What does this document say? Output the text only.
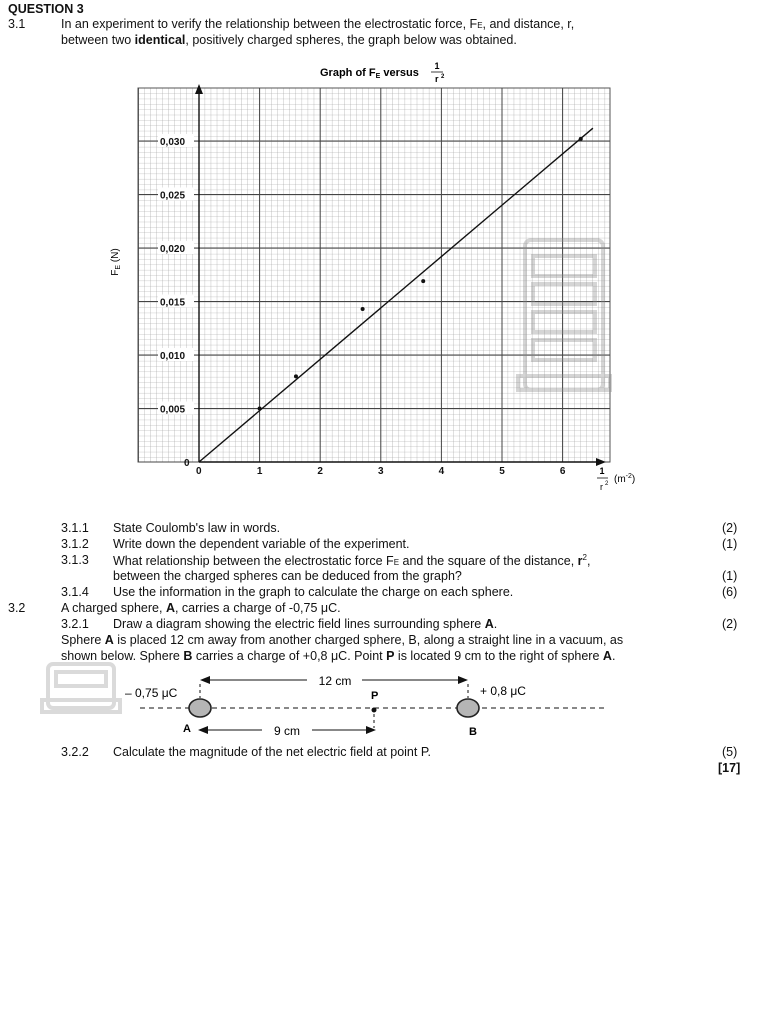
QUESTION 3
3.1	In an experiment to verify the relationship between the electrostatic force, FE, and distance, r,
between two identical, positively charged spheres, the graph below was obtained.
Graph of FE versus
1
r 2
1	2	3	4	5	6
0,005
0,010
0,015
0,020
0,025
0,030
0
0
$F_E$ (N)
1
r 2 $(m^{-2})$
3.1.1 State Coulomb's law in words.	(2)
3.1.2 Write down the dependent variable of the experiment.	(1)
3.1.3 What relationship between the electrostatic force FE and the square of the distance, $r^2$,
between the charged spheres can be deduced from the graph?	(1)
3.1.4 Use the information in the graph to calculate the charge on each sphere.	(6)
3.2	A charged sphere, A, carries a charge of -0,75 μC.
3.2.1 Draw a diagram showing the electric field lines surrounding sphere A.	(2)
Sphere A is placed 12 cm away from another charged sphere, B, along a straight line in a vacuum, as
shown below. Sphere B carries a charge of +0,8 μC. Point P is located 9 cm to the right of sphere A.
12 cm
– 0,75 μC	+ 0,8 μC
P
A	B
9 cm
3.2.2 Calculate the magnitude of the net electric field at point P.	(5)
[17]
